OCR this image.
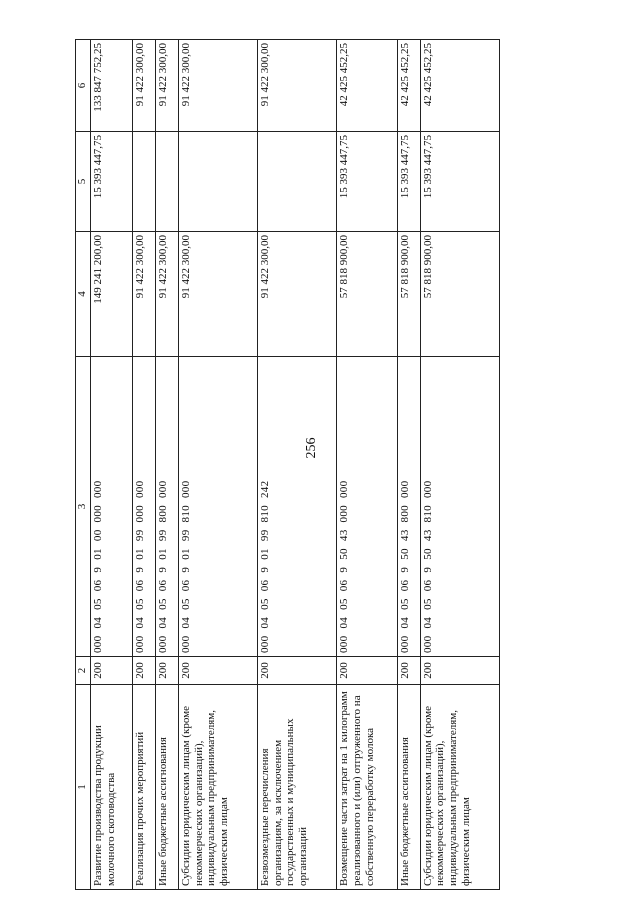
256
1	2	3	4	5	6
Развитие производства продукции молочного скотоводства	200	000 04 05 06 9 01 00 000 000	149 241 200,00	15 393 447,75	133 847 752,25
Реализация прочих мероприятий	200	000 04 05 06 9 01 99 000 000	91 422 300,00		91 422 300,00
Иные бюджетные ассигнования	200	000 04 05 06 9 01 99 800 000	91 422 300,00		91 422 300,00
Субсидии юридическим лицам (кроме некоммерческих организаций), индивидуальным предпринимателям, физическим лицам	200	000 04 05 06 9 01 99 810 000	91 422 300,00		91 422 300,00
Безвозмездные перечисления организациям, за исключением государственных и муниципальных организаций	200	000 04 05 06 9 01 99 810 242	91 422 300,00		91 422 300,00
Возмещение части затрат на 1 килограмм реализованного и (или) отгруженного на собственную переработку молока	200	000 04 05 06 9 50 43 000 000	57 818 900,00	15 393 447,75	42 425 452,25
Иные бюджетные ассигнования	200	000 04 05 06 9 50 43 800 000	57 818 900,00	15 393 447,75	42 425 452,25
Субсидии юридическим лицам (кроме некоммерческих организаций), индивидуальным предпринимателям, физическим лицам	200	000 04 05 06 9 50 43 810 000	57 818 900,00	15 393 447,75	42 425 452,25
